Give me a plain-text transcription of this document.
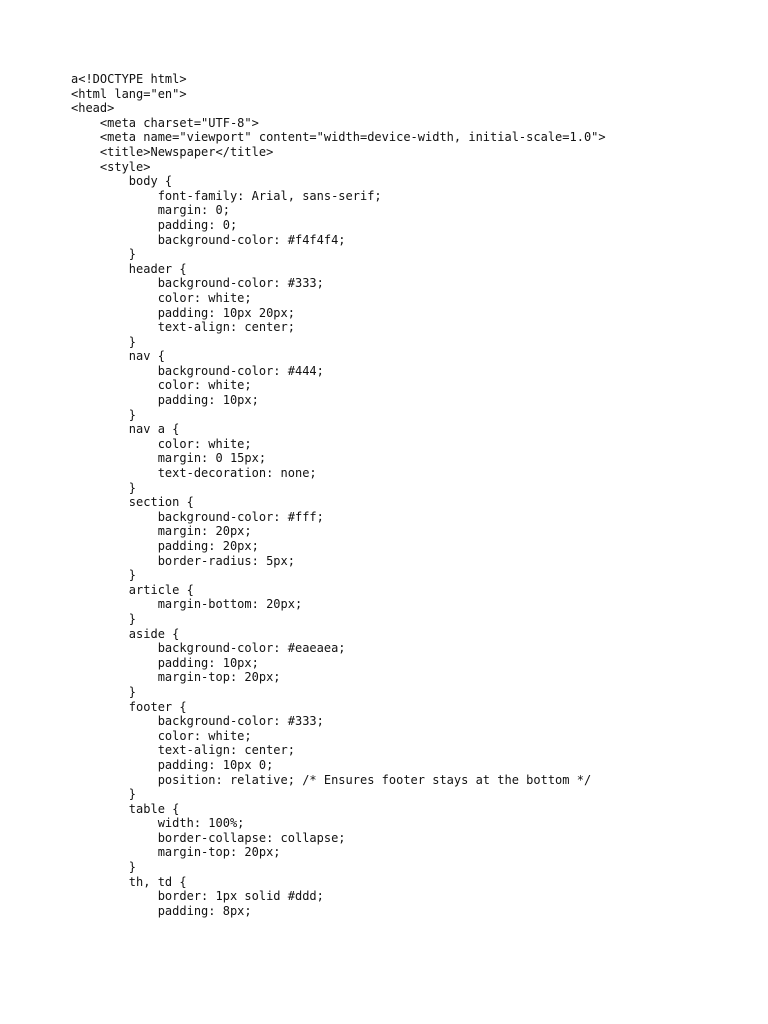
a<!DOCTYPE html>
<html lang="en">
<head>
<meta charset="UTF-8">
<meta name="viewport" content="width=device-width, initial-scale=1.0">
<title>Newspaper</title>
<style>
body {
font-family: Arial, sans-serif;
margin: 0;
padding: 0;
background-color: #f4f4f4;
}
header {
background-color: #333;
color: white;
padding: 10px 20px;
text-align: center;
}
nav {
background-color: #444;
color: white;
padding: 10px;
}
nav a {
color: white;
margin: 0 15px;
text-decoration: none;
}
section {
background-color: #fff;
margin: 20px;
padding: 20px;
border-radius: 5px;
}
article {
margin-bottom: 20px;
}
aside {
background-color: #eaeaea;
padding: 10px;
margin-top: 20px;
}
footer {
background-color: #333;
color: white;
text-align: center;
padding: 10px 0;
position: relative; /* Ensures footer stays at the bottom */
}
table {
width: 100%;
border-collapse: collapse;
margin-top: 20px;
}
th, td {
border: 1px solid #ddd;
padding: 8px;
